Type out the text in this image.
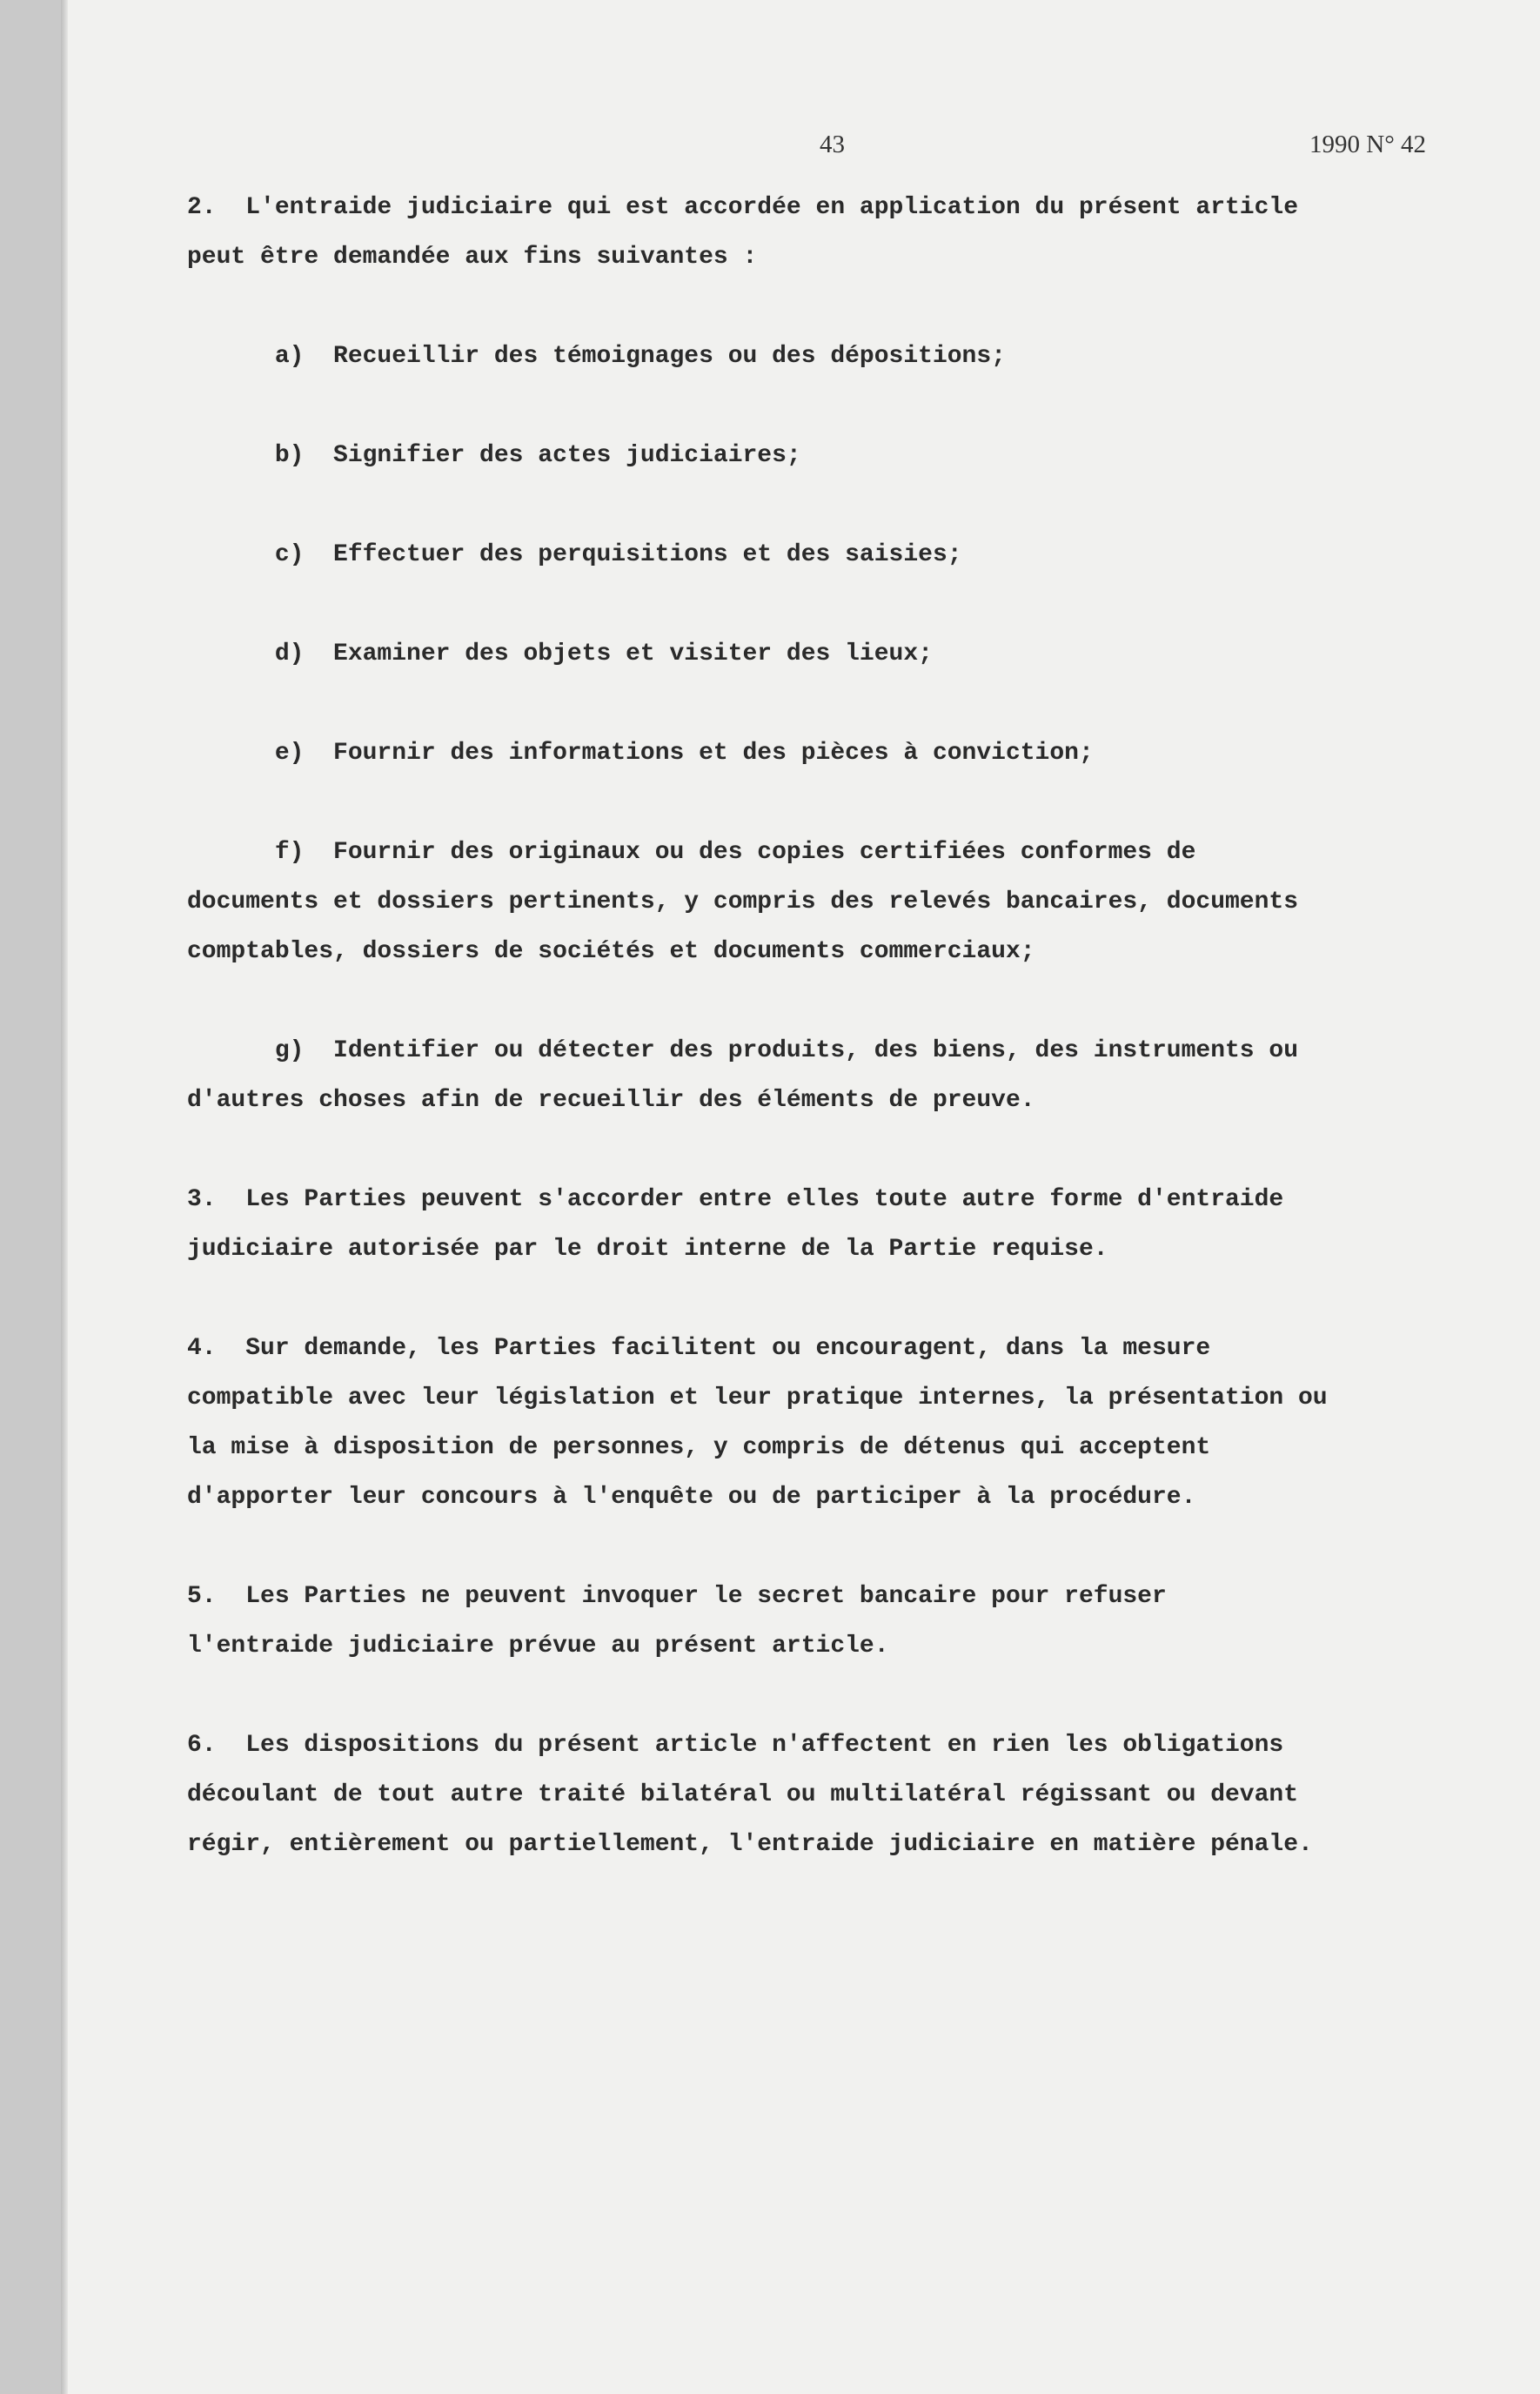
43	1990 N° 42

2.  L'entraide judiciaire qui est accordée en application du présent article
peut être demandée aux fins suivantes :

a)  Recueillir des témoignages ou des dépositions;

b)  Signifier des actes judiciaires;

c)  Effectuer des perquisitions et des saisies;

d)  Examiner des objets et visiter des lieux;

e)  Fournir des informations et des pièces à conviction;

f)  Fournir des originaux ou des copies certifiées conformes de
documents et dossiers pertinents, y compris des relevés bancaires, documents
comptables, dossiers de sociétés et documents commerciaux;

g)  Identifier ou détecter des produits, des biens, des instruments ou
d'autres choses afin de recueillir des éléments de preuve.

3.  Les Parties peuvent s'accorder entre elles toute autre forme d'entraide
judiciaire autorisée par le droit interne de la Partie requise.

4.  Sur demande, les Parties facilitent ou encouragent, dans la mesure
compatible avec leur législation et leur pratique internes, la présentation ou
la mise à disposition de personnes, y compris de détenus qui acceptent
d'apporter leur concours à l'enquête ou de participer à la procédure.

5.  Les Parties ne peuvent invoquer le secret bancaire pour refuser
l'entraide judiciaire prévue au présent article.

6.  Les dispositions du présent article n'affectent en rien les obligations
découlant de tout autre traité bilatéral ou multilatéral régissant ou devant
régir, entièrement ou partiellement, l'entraide judiciaire en matière pénale.
